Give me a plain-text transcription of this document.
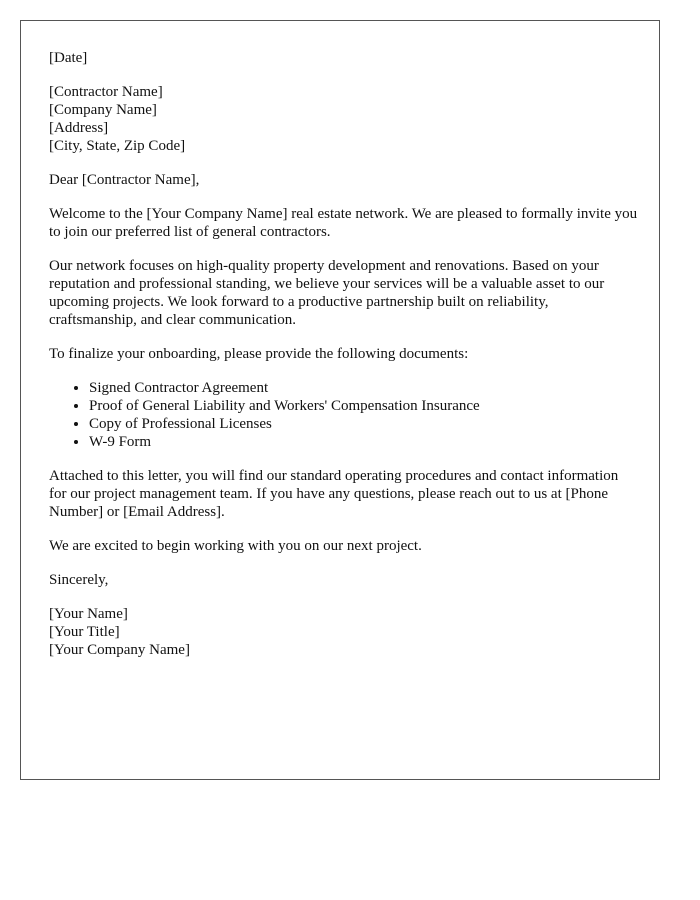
[Date]
[Contractor Name]
[Company Name]
[Address]
[City, State, Zip Code]

Dear [Contractor Name],

Welcome to the [Your Company Name] real estate network. We are pleased to formally invite you to join our preferred list of general contractors.

Our network focuses on high-quality property development and renovations. Based on your reputation and professional standing, we believe your services will be a valuable asset to our upcoming projects. We look forward to a productive partnership built on reliability, craftsmanship, and clear communication.

To finalize your onboarding, please provide the following documents:

• Signed Contractor Agreement
• Proof of General Liability and Workers' Compensation Insurance
• Copy of Professional Licenses
• W-9 Form

Attached to this letter, you will find our standard operating procedures and contact information for our project management team. If you have any questions, please reach out to us at [Phone Number] or [Email Address].

We are excited to begin working with you on our next project.

Sincerely,

[Your Name]
[Your Title]
[Your Company Name]
